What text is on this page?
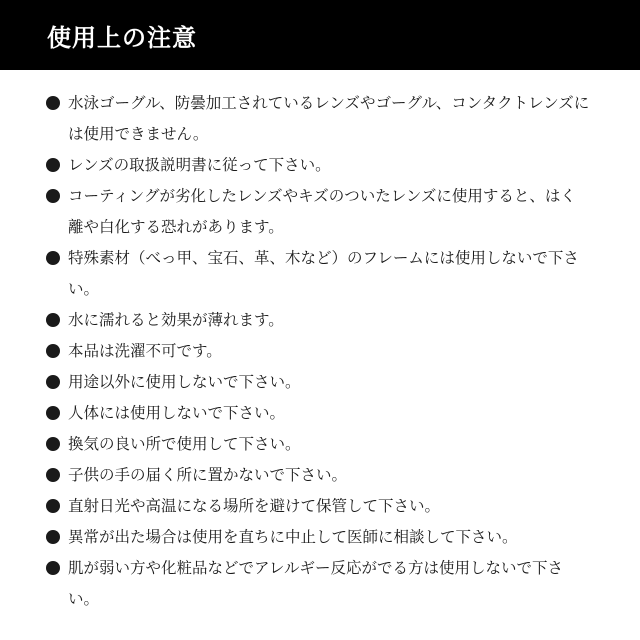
使用上の注意
水泳ゴーグル、防曇加工されているレンズやゴーグル、コンタクトレンズには使用できません。
レンズの取扱説明書に従って下さい。
コーティングが劣化したレンズやキズのついたレンズに使用すると、はく離や白化する恐れがあります。
特殊素材（べっ甲、宝石、革、木など）のフレームには使用しないで下さい。
水に濡れると効果が薄れます。
本品は洗濯不可です。
用途以外に使用しないで下さい。
人体には使用しないで下さい。
換気の良い所で使用して下さい。
子供の手の届く所に置かないで下さい。
直射日光や高温になる場所を避けて保管して下さい。
異常が出た場合は使用を直ちに中止して医師に相談して下さい。
肌が弱い方や化粧品などでアレルギー反応がでる方は使用しないで下さい。
